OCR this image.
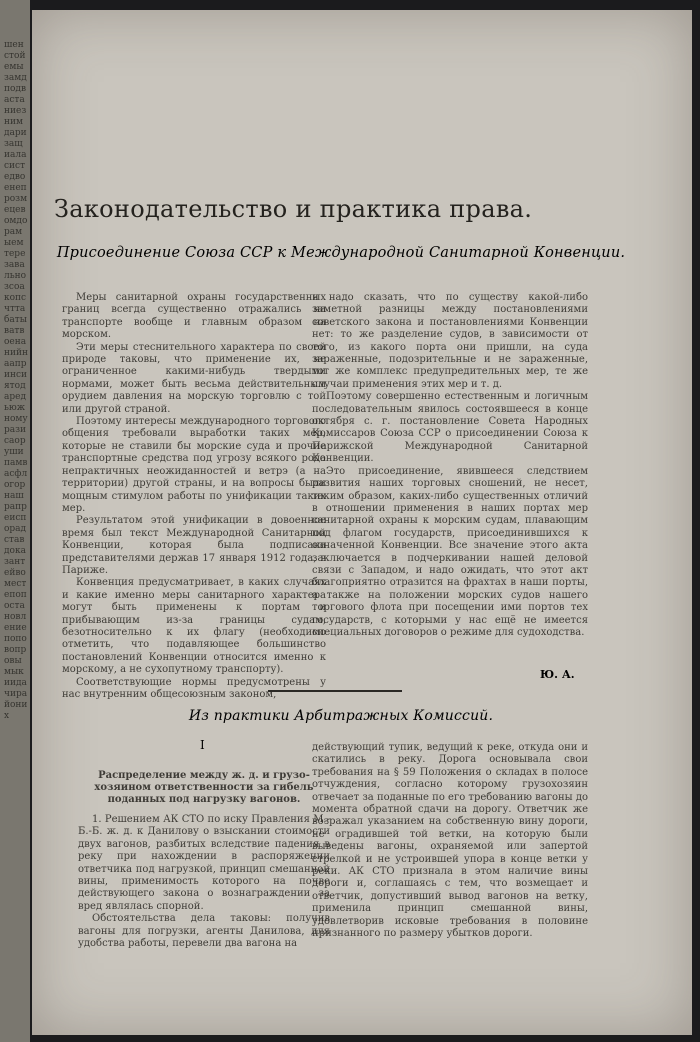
шенстойемызамдподвастаниезнимдаризащиаласистедвоенепрозмецевомдорамыемтерезавальнозсоакопсчттабатыватвоенанийнаапринсиятодаредьюжномуразисаорушипамвасфлогорнашрапреиспорадставдоказантейвоместепопостановлениепоповопровымыкиидачирайоних
Законодательство и практика права.
Присоединение Союза ССР к Международной Санитарной Конвенции.

Меры санитарной охраны государственных границ всегда существенно отражались на транспорте вообще и главным образом на морском.

Эти меры стеснительного характера по своей природе таковы, что применение их, не ограниченное какими-нибудь твердыми нормами, может быть весьма действительным орудием давления на морскую торговлю с той или другой страной.

Поэтому интересы международного торгового общения требовали выработки таких мер, которые не ставили бы морские суда и прочие транспортные средства под угрозу всякого рода непрактичных неожиданностей и ветрэ (а на территории) другой страны, и на вопросы были мощным стимулом работы по унификации таких мер.

Результатом этой унификации в довоенное время был текст Международной Санитарной Конвенции, которая была подписана представителями держав 17 января 1912 года, в Париже.

Конвенция предусматривает, в каких случаях и какие именно меры санитарного характера могут быть применены к портам и прибывающим из-за границы судам, безотносительно к их флагу (необходимо отметить, что подавляющее большинство постановлений Конвенции относится именно к морскому, а не сухопутному транспорту).

Соответствующие нормы предусмотрены у нас внутренним общесоюзным законом,

и надо сказать, что по существу какой-либо заметной разницы между постановлениями советского закона и постановлениями Конвенции нет: то же разделение судов, в зависимости от того, из какого порта они пришли, на суда зараженные, подозрительные и не зараженные, тот же комплекс предупредительных мер, те же случаи применения этих мер и т. д.

Поэтому совершенно естественным и логичным последовательным явилось состоявшееся в конце октября с. г. постановление Совета Народных Комиссаров Союза ССР о присоединении Союза к Парижской Международной Санитарной Конвенции.

Это присоединение, явившееся следствием развития наших торговых сношений, не несет, таким образом, каких-либо существенных отличий в отношении применения в наших портах мер санитарной охраны к морским судам, плавающим под флагом государств, присоединившихся к означенной Конвенции. Все значение этого акта заключается в подчеркивании нашей деловой связи с Западом, и надо ожидать, что этот акт благоприятно отразится на фрахтах в наши порты, а также на положении морских судов нашего торгового флота при посещении ими портов тех государств, с которыми у нас ещё не имеется специальных договоров о режиме для судоходства.

Ю. А.
Из практики Арбитражных Комиссий.
I

Распределение между ж. д. и грузо-хозяином ответственности за гибель поданных под нагрузку вагонов.

1. Решением АК СТО по иску Правления М.-Б.-Б. ж. д. к Данилову о взыскании стоимости двух вагонов, разбитых вследствие падения в реку при нахождении в распоряжении ответчика под нагрузкой, принцип смешанной вины, применимость которого на почве действующего закона о вознаграждении за вред являлась спорной.

Обстоятельства дела таковы: получив вагоны для погрузки, агенты Данилова, для удобства работы, перевели два вагона на

действующий тупик, ведущий к реке, откуда они и скатились в реку. Дорога основывала свои требования на § 59 Положения о складах в полосе отчуждения, согласно которому грузохозяин отвечает за поданные по его требованию вагоны до момента обратной сдачи на дорогу. Ответчик же возражал указанием на собственную вину дороги, не оградившей той ветки, на которую были выведены вагоны, охраняемой или запертой стрелкой и не устроившей упора в конце ветки у реки. АК СТО признала в этом наличие вины дороги и, соглашаясь с тем, что возмещает и ответчик, допустивший вывод вагонов на ветку, применила принцип смешанной вины, удовлетворив исковые требования в половине признанного по размеру убытков дороги.
